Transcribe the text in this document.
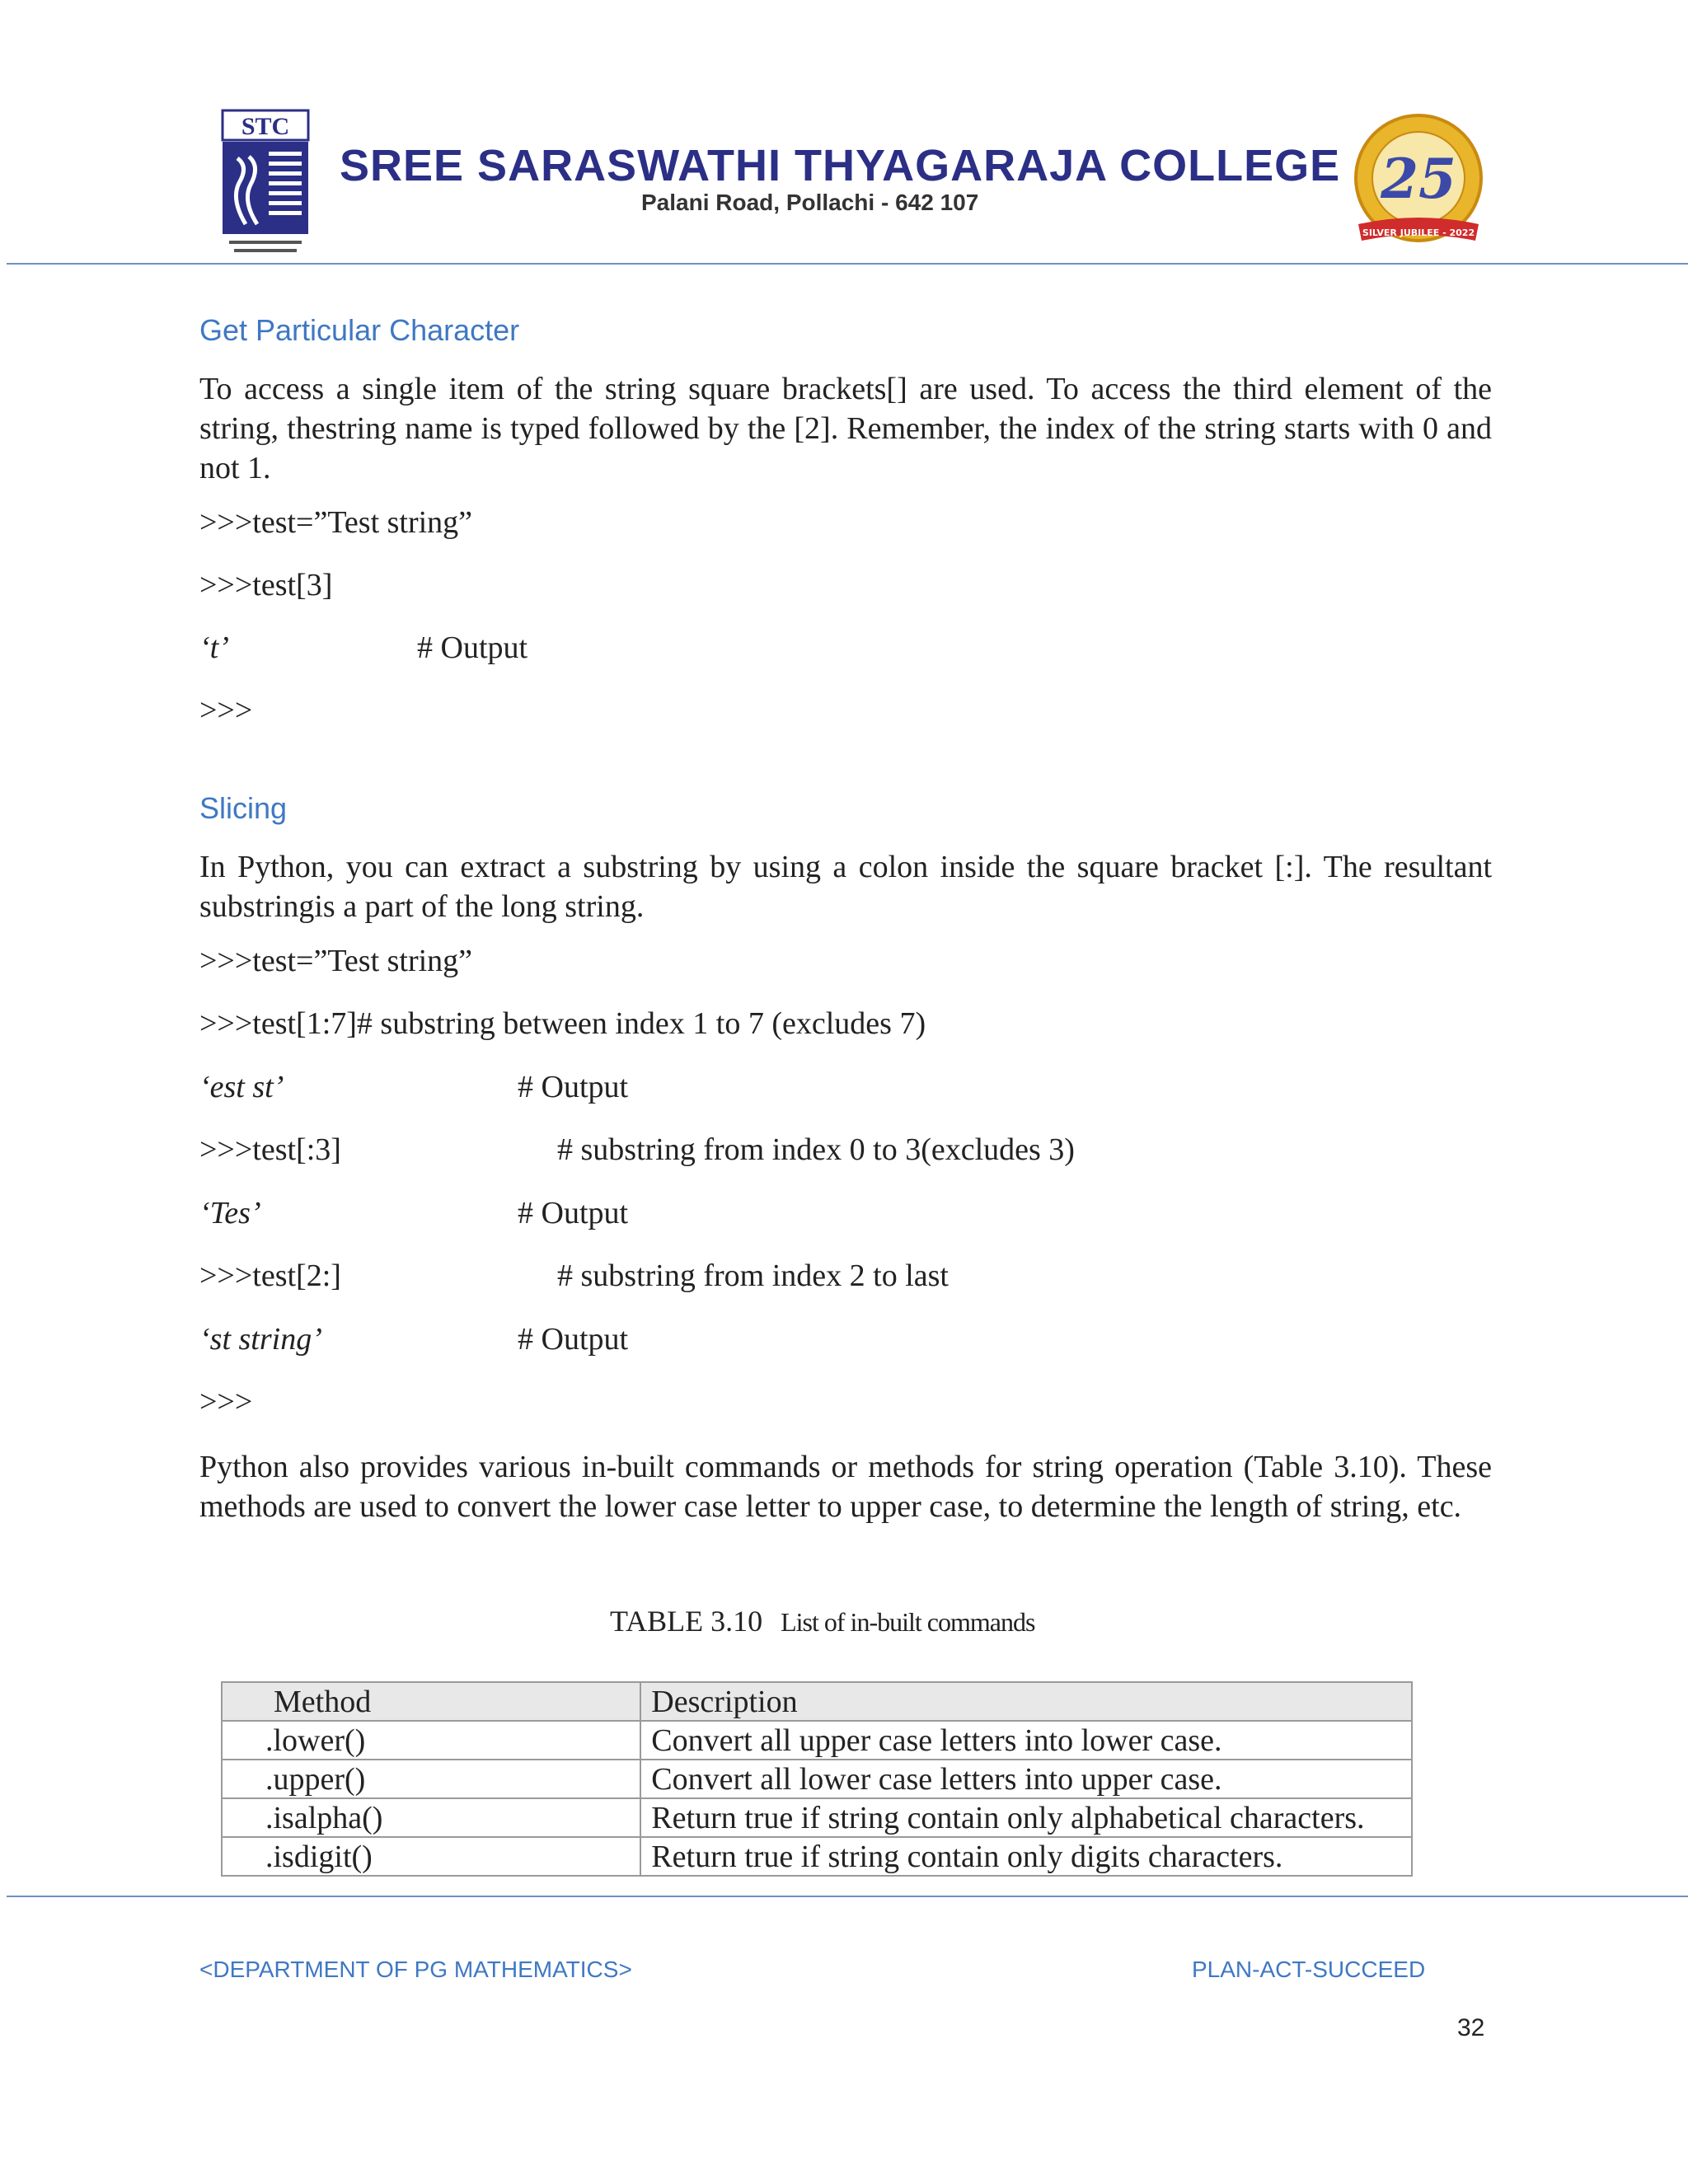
STC
SREE SARASWATHI THYAGARAJA COLLEGE
Palani Road, Pollachi - 642 107	25
SILVER JUBILEE - 2022
Get Particular Character
To access a single item of the string square brackets[] are used. To access the third element of the string, thestring name is typed followed by the [2]. Remember, the index of the string starts with 0 and not 1.
>>>test=”Test string”
>>>test[3]
‘t’	# Output
>>>
Slicing
In Python, you can extract a substring by using a colon inside the square bracket [:]. The resultant substringis a part of the long string.
>>>test=”Test string”
>>>test[1:7]# substring between index 1 to 7 (excludes 7)
‘est st’	# Output
>>>test[:3]	# substring from index 0 to 3(excludes 3)
‘Tes’	# Output
>>>test[2:]	# substring from index 2 to last
‘st string’	# Output
>>>
Python also provides various in-built commands or methods for string operation (Table 3.10). These methods are used to convert the lower case letter to upper case, to determine the length of string, etc.
TABLE 3.10 List of in-built commands
Method	Description
.lower()	Convert all upper case letters into lower case.
.upper()	Convert all lower case letters into upper case.
.isalpha()	Return true if string contain only alphabetical characters.
.isdigit()	Return true if string contain only digits characters.
<DEPARTMENT OF PG MATHEMATICS>	PLAN-ACT-SUCCEED
32
